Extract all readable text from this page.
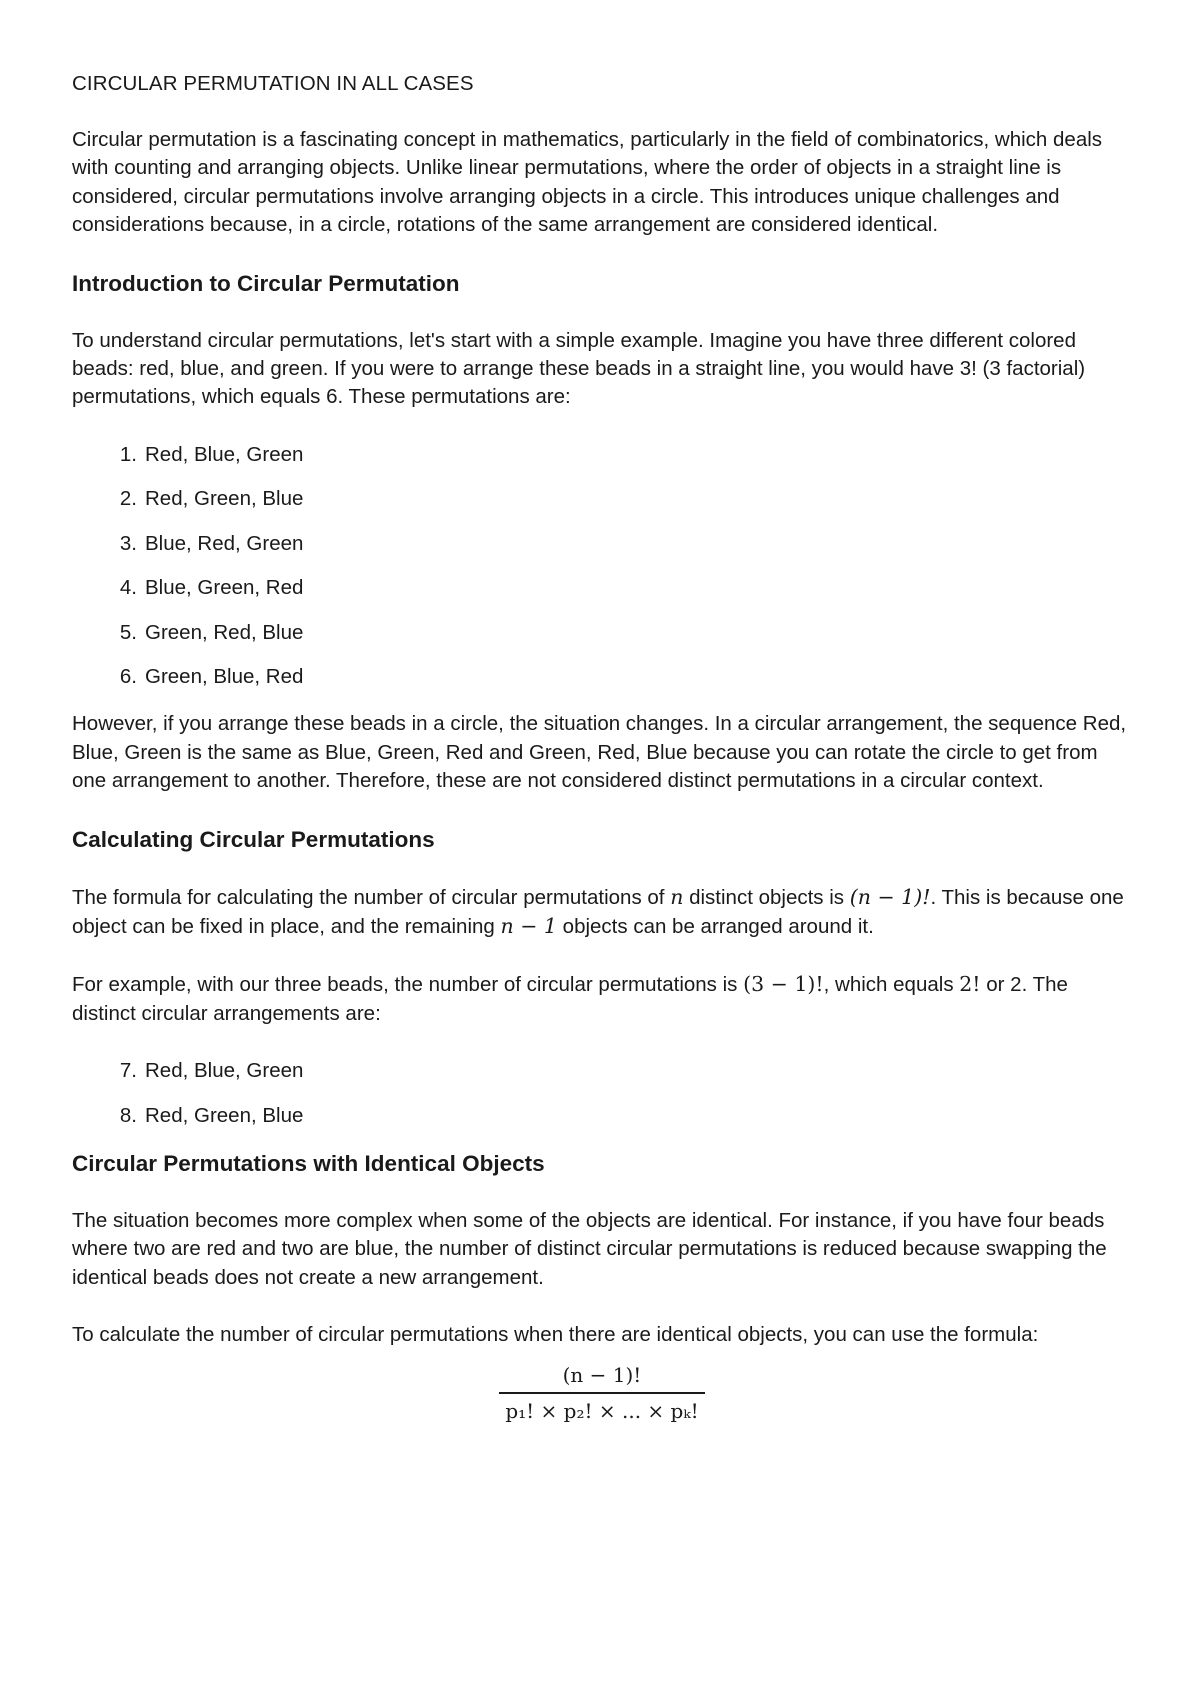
CIRCULAR PERMUTATION IN ALL CASES

Circular permutation is a fascinating concept in mathematics, particularly in the field of combinatorics, which deals with counting and arranging objects. Unlike linear permutations, where the order of objects in a straight line is considered, circular permutations involve arranging objects in a circle. This introduces unique challenges and considerations because, in a circle, rotations of the same arrangement are considered identical.

Introduction to Circular Permutation

To understand circular permutations, let's start with a simple example. Imagine you have three different colored beads: red, blue, and green. If you were to arrange these beads in a straight line, you would have 3! (3 factorial) permutations, which equals 6. These permutations are:

1. Red, Blue, Green
2. Red, Green, Blue
3. Blue, Red, Green
4. Blue, Green, Red
5. Green, Red, Blue
6. Green, Blue, Red

However, if you arrange these beads in a circle, the situation changes. In a circular arrangement, the sequence Red, Blue, Green is the same as Blue, Green, Red and Green, Red, Blue because you can rotate the circle to get from one arrangement to another. Therefore, these are not considered distinct permutations in a circular context.

Calculating Circular Permutations

The formula for calculating the number of circular permutations of n distinct objects is (n − 1)!. This is because one object can be fixed in place, and the remaining n − 1 objects can be arranged around it.

For example, with our three beads, the number of circular permutations is (3 − 1)!, which equals 2! or 2. The distinct circular arrangements are:

7. Red, Blue, Green
8. Red, Green, Blue
Circular Permutations with Identical Objects

The situation becomes more complex when some of the objects are identical. For instance, if you have four beads where two are red and two are blue, the number of distinct circular permutations is reduced because swapping the identical beads does not create a new arrangement.

To calculate the number of circular permutations when there are identical objects, you can use the formula:

$\frac{(n - 1)!}{\text{p₁! × p₂! × ... × pₖ!}}$
